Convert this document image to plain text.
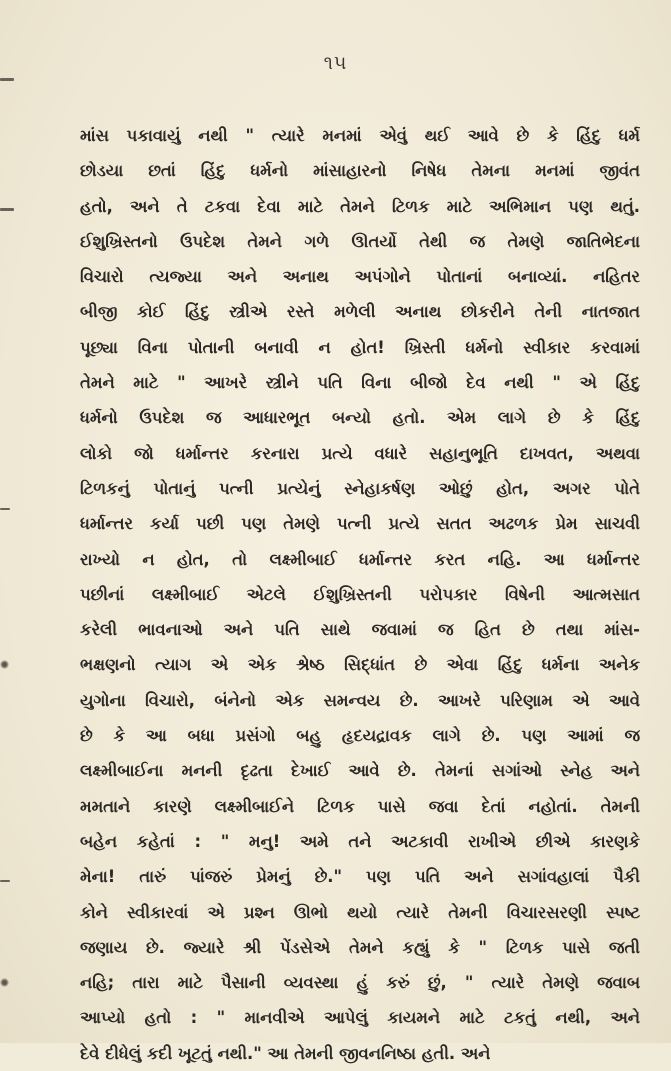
૧૫
માંસ પકાવાયું નથી " ત્યારે મનમાં એવું થઈ આવે છે કે હિંદુ ધર્મ
છોડયા છતાં હિંદુ ધર્મનો માંસાહારનો નિષેધ તેમના મનમાં જીવંત
હતો, અને તે ટકવા દેવા માટે તેમને ટિળક માટે અભિમાન પણ થતું.
ઈશુખ્રિસ્તનો ઉપદેશ તેમને ગળે ઊતર્યો તેથી જ તેમણે જાતિભેદના
વિચારો ત્યજ્યા અને અનાથ અપંગોને પોતાનાં બનાવ્યાં. નહિતર
બીજી કોઈ હિંદુ સ્ત્રીએ રસ્તે મળેલી અનાથ છોકરીને તેની નાતજાત
પૂછ્યા વિના પોતાની બનાવી ન હોત! ખ્રિસ્તી ધર્મનો સ્વીકાર કરવામાં
તેમને માટે " આખરે સ્ત્રીને પતિ વિના બીજો દેવ નથી " એ હિંદુ
ધર્મનો ઉપદેશ જ આધારભૂત બન્યો હતો. એમ લાગે છે કે હિંદુ
લોકો જો ધર્માન્તર કરનારા પ્રત્યે વધારે સહાનુભૂતિ દાખવત, અથવા
ટિળકનું પોતાનું પત્ની પ્રત્યેનું સ્નેહાકર્ષણ ઓછું હોત, અગર પોતે
ધર્માન્તર કર્યા પછી પણ તેમણે પત્ની પ્રત્યે સતત અઢળક પ્રેમ સાચવી
રાખ્યો ન હોત, તો લક્ષ્મીબાઈ ધર્માન્તર કરત નહિ. આ ધર્માન્તર
પછીનાં લક્ષ્મીબાઈ એટલે ઈશુખ્રિસ્તની પરોપકાર વિષેની આત્મસાત
કરેલી ભાવનાઓ અને પતિ સાથે જવામાં જ હિત છે તથા માંસ-
ભક્ષણનો ત્યાગ એ એક શ્રેષ્ઠ સિદ્ધાંત છે એવા હિંદુ ધર્મના અનેક
યુગોના વિચારો, બંનેનો એક સમન્વય છે. આખરે પરિણામ એ આવે
છે કે આ બધા પ્રસંગો બહુ હૃદયદ્રાવક લાગે છે. પણ આમાં જ
લક્ષ્મીબાઈના મનની દૃઢતા દેખાઈ આવે છે. તેમનાં સગાંઓ સ્નેહ અને
મમતાને કારણે લક્ષ્મીબાઈને ટિળક પાસે જવા દેતાં નહોતાં. તેમની
બહેન કહેતાં : " મનુ! અમે તને અટકાવી રાખીએ છીએ કારણકે
મેના! તારું પાંજરું પ્રેમનું છે." પણ પતિ અને સગાંવહાલાં પૈકી
કોને સ્વીકારવાં એ પ્રશ્ન ઊભો થયો ત્યારે તેમની વિચારસરણી સ્પષ્ટ
જણાય છે. જ્યારે શ્રી પેંડસેએ તેમને કહ્યું કે " ટિળક પાસે જતી
નહિ; તારા માટે પૈસાની વ્યવસ્થા હું કરું છું, " ત્યારે તેમણે જવાબ
આપ્યો હતો : " માનવીએ આપેલું કાયમને માટે ટકતું નથી, અને
દેવે દીધેલું કદી ખૂટતું નથી." આ તેમની જીવનનિષ્ઠા હતી. અને
